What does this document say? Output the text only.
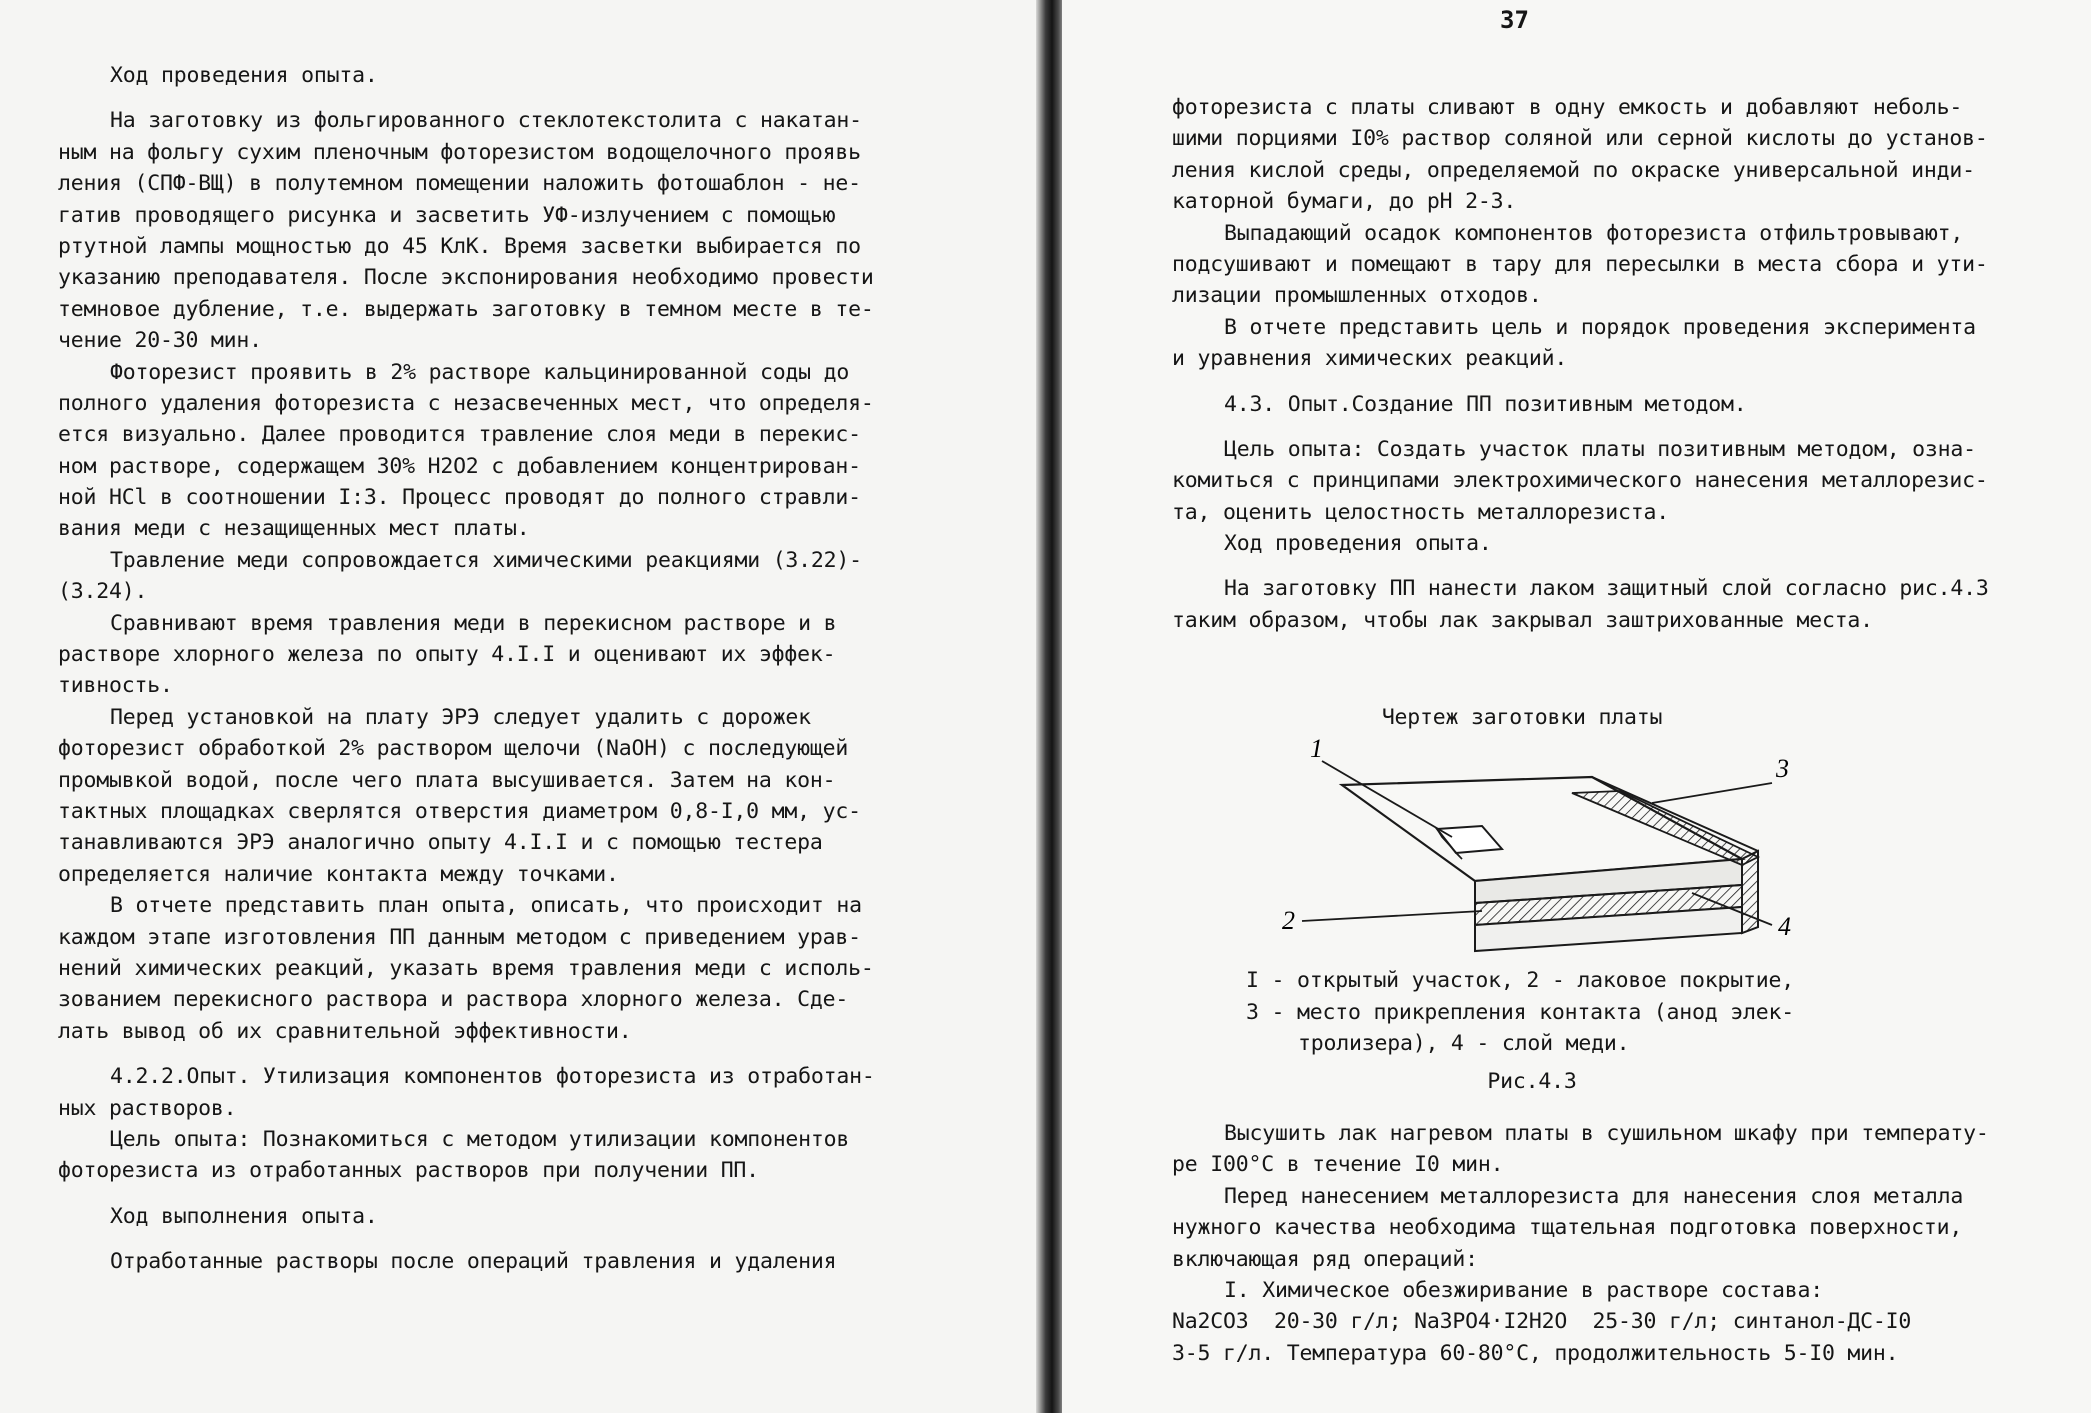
Ход проведения опыта.
На заготовку из фольгированного стеклотекстолита с накатан-
ным на фольгу сухим пленочным фоторезистом водощелочного проявь
ления (СПФ-ВЩ) в полутемном помещении наложить фотошаблон - не-
гатив проводящего рисунка и засветить УФ-излучением с помощью
ртутной лампы мощностью до 45 КлК. Время засветки выбирается по
указанию преподавателя. После экспонирования необходимо провести
темновое дубление, т.е. выдержать заготовку в темном месте в те-
чение 20-30 мин.
Фоторезист проявить в 2% растворе кальцинированной соды до
полного удаления фоторезиста с незасвеченных мест, что определя-
ется визуально. Далее проводится травление слоя меди в перекис-
ном растворе, содержащем 30% H2O2 с добавлением концентрирован-
ной HCl в соотношении I:3. Процесс проводят до полного стравли-
вания меди с незащищенных мест платы.
Травление меди сопровождается химическими реакциями (3.22)-
(3.24).
Сравнивают время травления меди в перекисном растворе и в
растворе хлорного железа по опыту 4.I.I и оценивают их эффек-
тивность.
Перед установкой на плату ЭРЭ следует удалить с дорожек
фоторезист обработкой 2% раствором щелочи (NaOH) с последующей
промывкой водой, после чего плата высушивается. Затем на кон-
тактных площадках сверлятся отверстия диаметром 0,8-I,0 мм, ус-
танавливаются ЭРЭ аналогично опыту 4.I.I и с помощью тестера
определяется наличие контакта между точками.
В отчете представить план опыта, описать, что происходит на
каждом этапе изготовления ПП данным методом с приведением урав-
нений химических реакций, указать время травления меди с исполь-
зованием перекисного раствора и раствора хлорного железа. Сде-
лать вывод об их сравнительной эффективности.
4.2.2.Опыт. Утилизация компонентов фоторезиста из отработан-
ных растворов.
Цель опыта: Познакомиться с методом утилизации компонентов
фоторезиста из отработанных растворов при получении ПП.
Ход выполнения опыта.
Отработанные растворы после операций травления и удаления
37
фоторезиста с платы сливают в одну емкость и добавляют неболь-
шими порциями I0% раствор соляной или серной кислоты до установ-
ления кислой среды, определяемой по окраске универсальной инди-
каторной бумаги, до pH 2-3.
Выпадающий осадок компонентов фоторезиста отфильтровывают,
подсушивают и помещают в тару для пересылки в места сбора и ути-
лизации промышленных отходов.
В отчете представить цель и порядок проведения эксперимента
и уравнения химических реакций.
4.3. Опыт.Создание ПП позитивным методом.
Цель опыта: Создать участок платы позитивным методом, озна-
комиться с принципами электрохимического нанесения металлорезис-
та, оценить целостность металлорезиста.
Ход проведения опыта.
На заготовку ПП нанести лаком защитный слой согласно рис.4.3
таким образом, чтобы лак закрывал заштрихованные места.
Чертеж заготовки платы
1
3
2	4
I - открытый участок, 2 - лаковое покрытие,
3 - место прикрепления контакта (анод элек-
тролизера), 4 - слой меди.
Рис.4.3
Высушить лак нагревом платы в сушильном шкафу при температу-
ре I00°C в течение I0 мин.
Перед нанесением металлорезиста для нанесения слоя металла
нужного качества необходима тщательная подготовка поверхности,
включающая ряд операций:
I. Химическое обезжиривание в растворе состава:
Na2CO3  20-30 г/л; Na3PO4·I2H2O  25-30 г/л; синтанол-ДС-I0
3-5 г/л. Температура 60-80°C, продолжительность 5-I0 мин.
